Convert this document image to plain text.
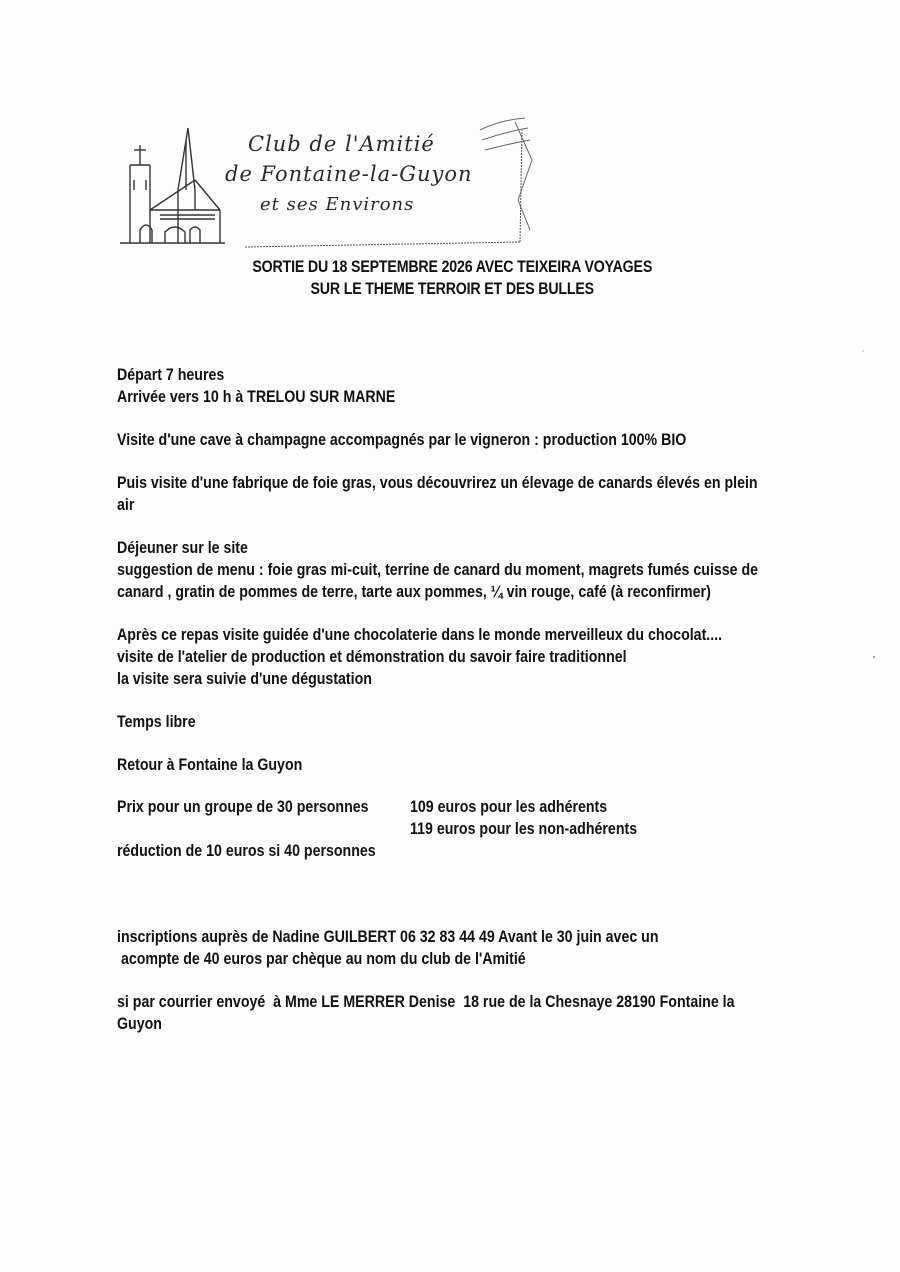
Club de l'Amitié
de Fontaine-la-Guyon
et ses Environs
SORTIE DU 18 SEPTEMBRE 2026 AVEC TEIXEIRA VOYAGES
SUR LE THEME TERROIR ET DES BULLES
Départ 7 heures
Arrivée vers 10 h à TRELOU SUR MARNE
Visite d'une cave à champagne accompagnés par le vigneron : production 100% BIO
Puis visite d'une fabrique de foie gras, vous découvrirez un élevage de canards élevés en plein
air
Déjeuner sur le site
suggestion de menu : foie gras mi-cuit, terrine de canard du moment, magrets fumés cuisse de
canard , gratin de pommes de terre, tarte aux pommes, ¼ vin rouge, café (à reconfirmer)
Après ce repas visite guidée d'une chocolaterie dans le monde merveilleux du chocolat....
visite de l'atelier de production et démonstration du savoir faire traditionnel
la visite sera suivie d'une dégustation
Temps libre
Retour à Fontaine la Guyon
Prix pour un groupe de 30 personnes	109 euros pour les adhérents
119 euros pour les non-adhérents
réduction de 10 euros si 40 personnes
inscriptions auprès de Nadine GUILBERT 06 32 83 44 49 Avant le 30 juin avec un
acompte de 40 euros par chèque au nom du club de l'Amitié
si par courrier envoyé  à Mme LE MERRER Denise  18 rue de la Chesnaye 28190 Fontaine la
Guyon
